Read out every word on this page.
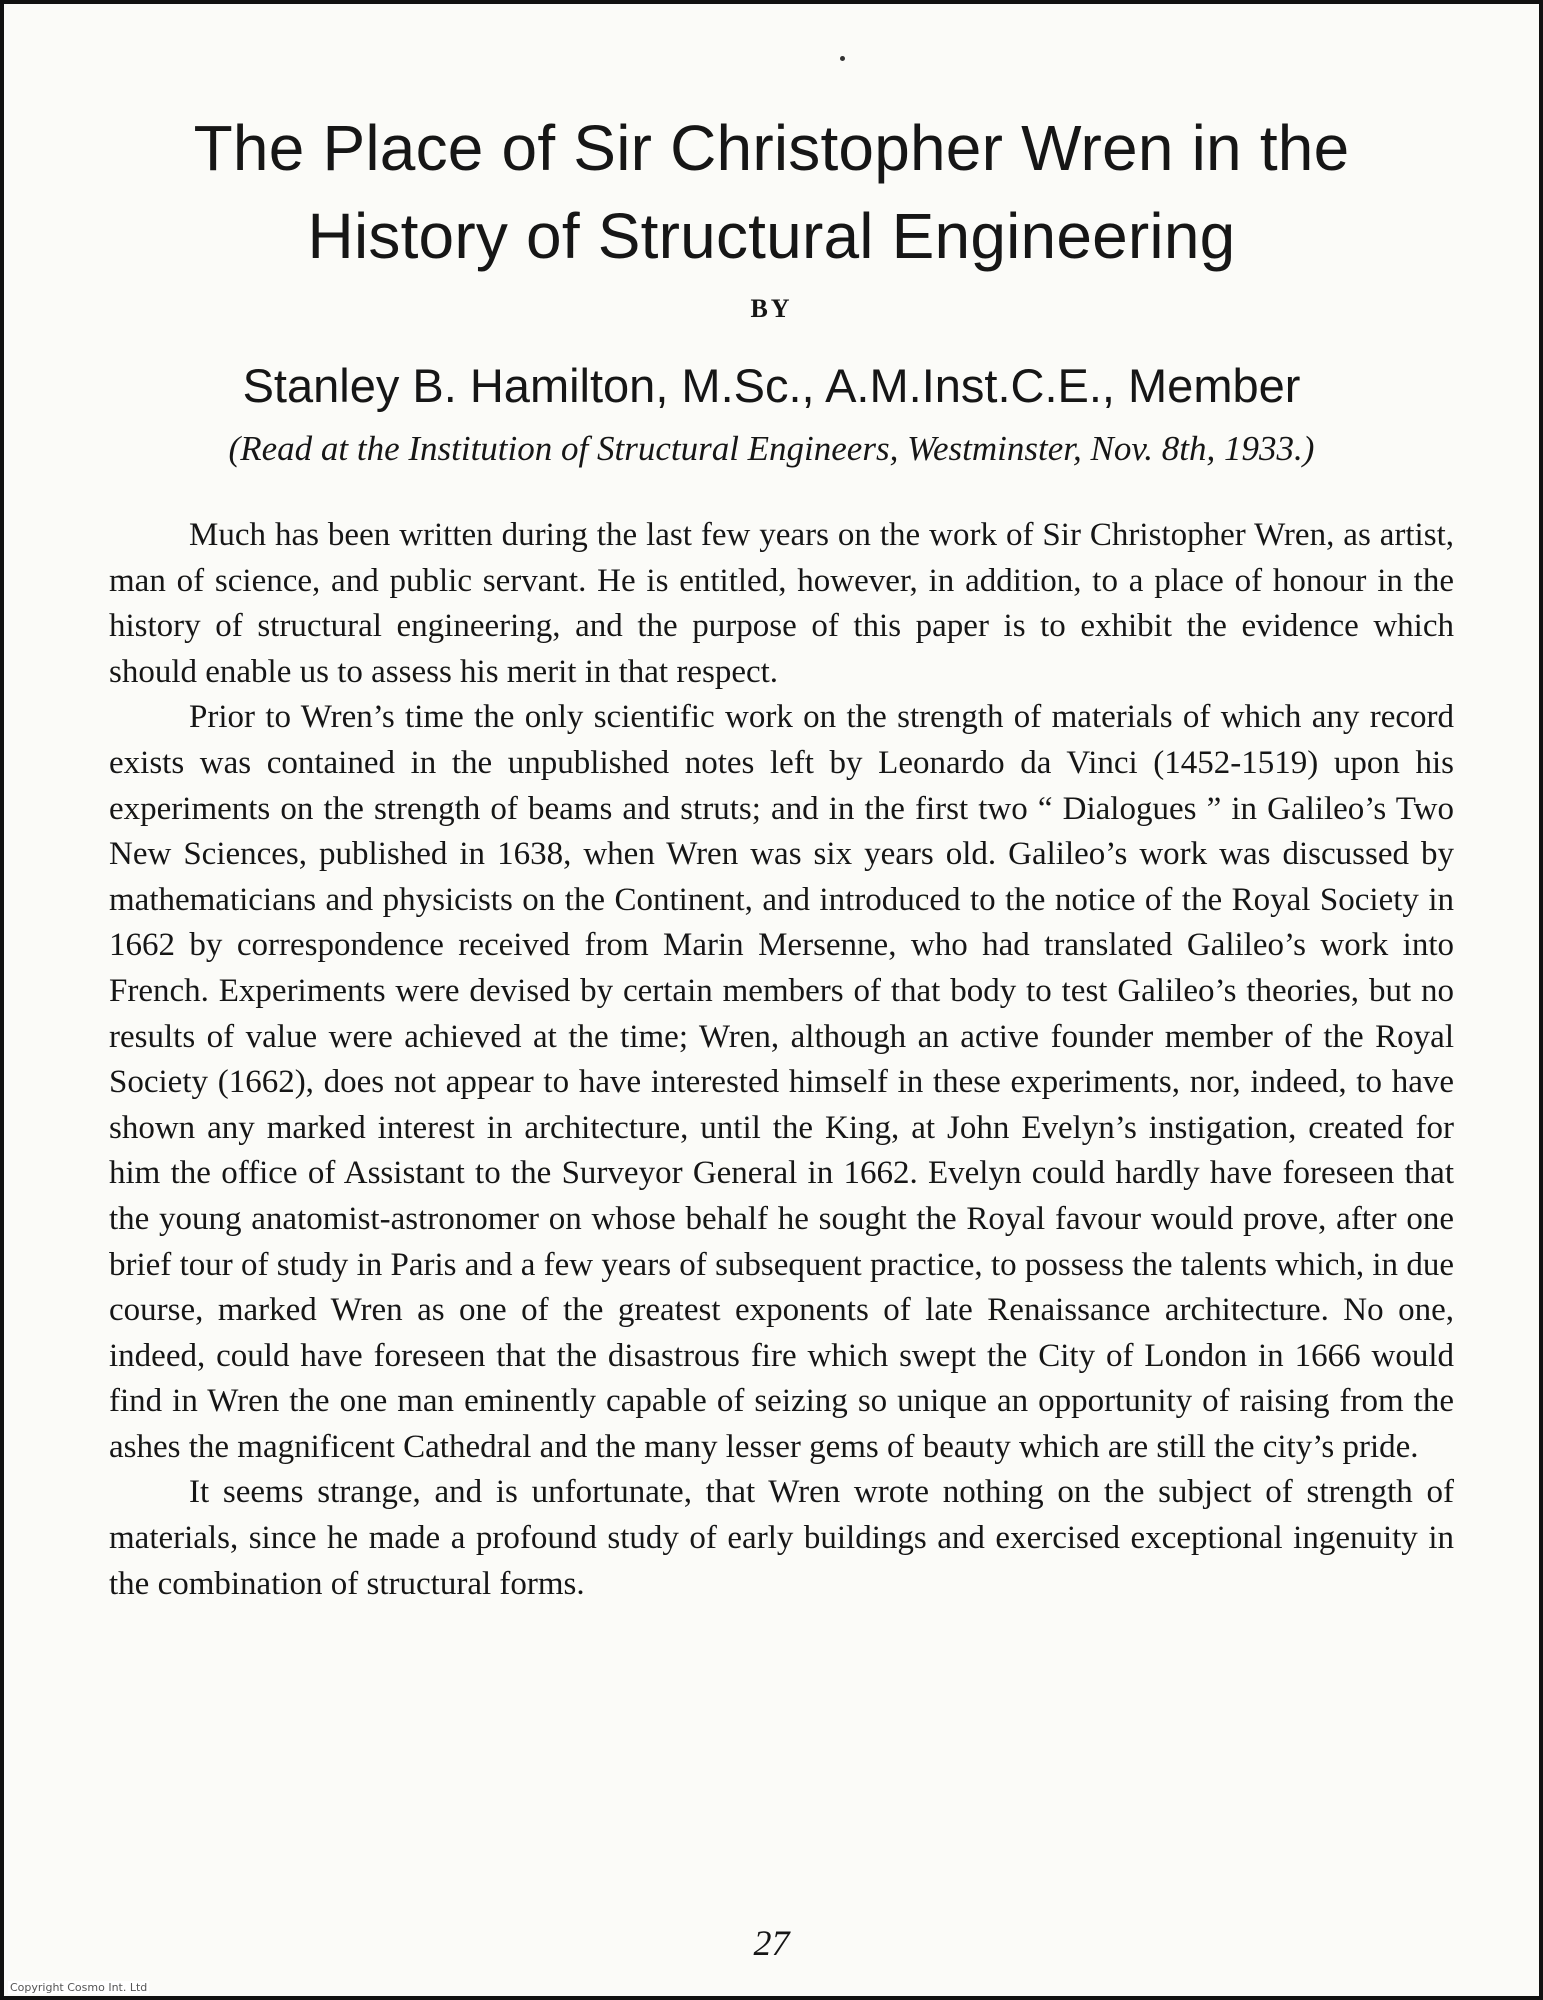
The Place of Sir Christopher Wren in the
History of Structural Engineering
BY
Stanley B. Hamilton, M.Sc., A.M.Inst.C.E., Member
(Read at the Institution of Structural Engineers, Westminster, Nov. 8th, 1933.)

Much has been written during the last few years on the work of Sir Christopher Wren, as artist, man of science, and public servant. He is entitled, however, in addition, to a place of honour in the history of structural engineering, and the purpose of this paper is to exhibit the evidence which should enable us to assess his merit in that respect.

Prior to Wren’s time the only scientific work on the strength of materials of which any record exists was contained in the unpublished notes left by Leonardo da Vinci (1452-1519) upon his experiments on the strength of beams and struts; and in the first two “ Dialogues ” in Galileo’s Two New Sciences, published in 1638, when Wren was six years old. Galileo’s work was discussed by mathematicians and physicists on the Continent, and introduced to the notice of the Royal Society in 1662 by correspondence received from Marin Mersenne, who had translated Galileo’s work into French. Experiments were devised by certain members of that body to test Galileo’s theories, but no results of value were achieved at the time; Wren, although an active founder member of the Royal Society (1662), does not appear to have interested himself in these experiments, nor, indeed, to have shown any marked interest in architecture, until the King, at John Evelyn’s instigation, created for him the office of Assistant to the Surveyor General in 1662. Evelyn could hardly have foreseen that the young anatomist-astronomer on whose behalf he sought the Royal favour would prove, after one brief tour of study in Paris and a few years of subsequent practice, to possess the talents which, in due course, marked Wren as one of the greatest exponents of late Renaissance architecture. No one, indeed, could have foreseen that the disastrous fire which swept the City of London in 1666 would find in Wren the one man eminently capable of seizing so unique an opportunity of raising from the ashes the magnificent Cathedral and the many lesser gems of beauty which are still the city’s pride.

It seems strange, and is unfortunate, that Wren wrote nothing on the subject of strength of materials, since he made a profound study of early buildings and exercised exceptional ingenuity in the combination of structural forms.

27
Copyright Cosmo Int. Ltd
